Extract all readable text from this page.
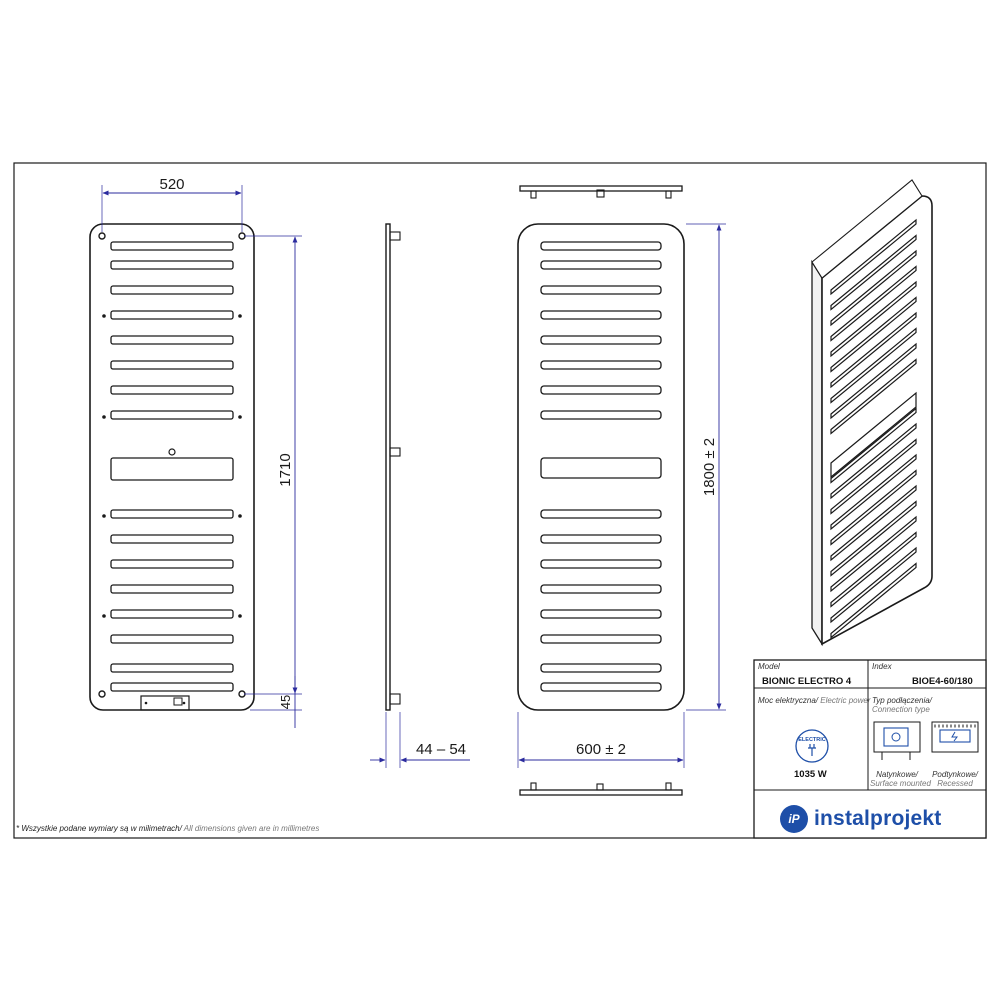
520
1710
45
44 – 54
1800 ± 2
600 ± 2
Model
BIONIC ELECTRO 4
Index
BIOE4-60/180
Moc elektryczna/ Electric power Typ podłączenia/
Connection type
ELECTRIC
1035 W	Natynkowe/
Surface mounted
Podtynkowe/
Recessed
iP instalprojekt
* Wszystkie podane wymiary są w milimetrach/ All dimensions given are in millimetres
